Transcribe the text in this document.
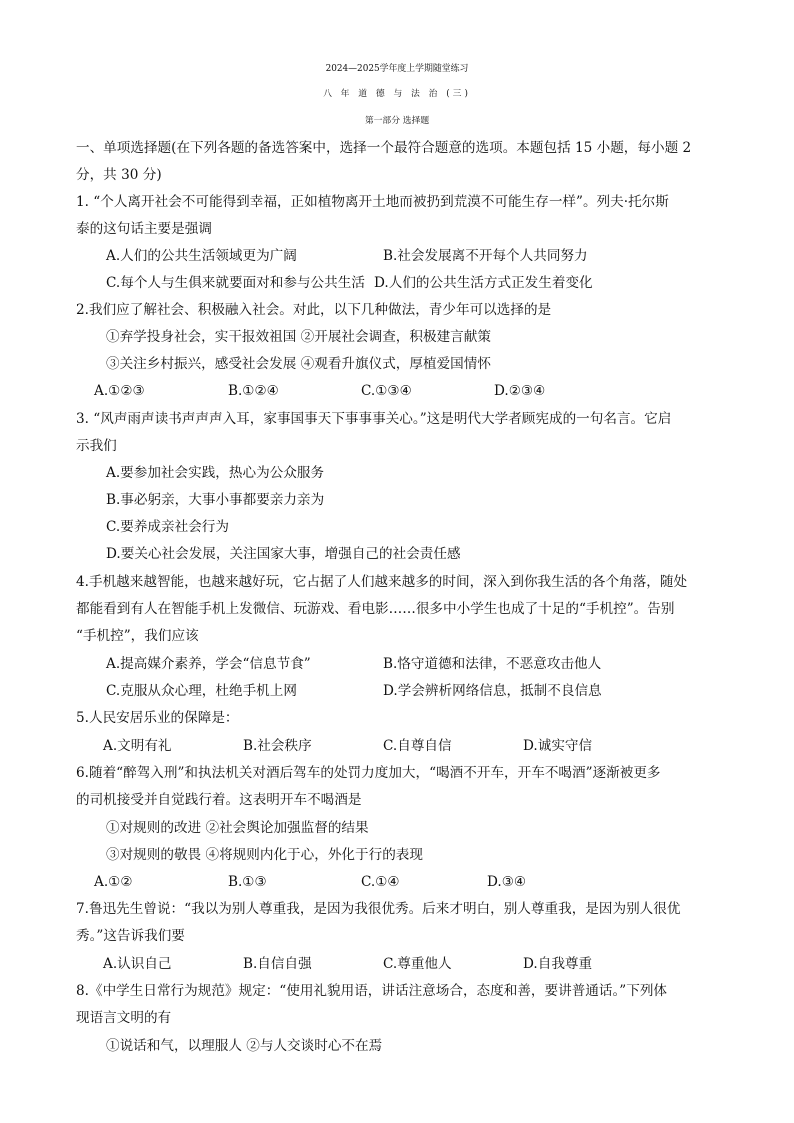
2024—2025学年度上学期随堂练习
八 年 道 德 与 法 治 (三)
第一部分 选择题
一、单项选择题(在下列各题的备选答案中，选择一个最符合题意的选项。本题包括 15 小题，每小题 2
分，共 30 分)
1. “个人离开社会不可能得到幸福，正如植物离开土地而被扔到荒漠不可能生存一样”。列夫·托尔斯
泰的这句话主要是强调
A.人们的公共生活领域更为广阔	B.社会发展离不开每个人共同努力
C.每个人与生俱来就要面对和参与公共生活 D.人们的公共生活方式正发生着变化
2.我们应了解社会、积极融入社会。对此，以下几种做法，青少年可以选择的是
①弃学投身社会，实干报效祖国 ②开展社会调查，积极建言献策
③关注乡村振兴，感受社会发展 ④观看升旗仪式，厚植爱国情怀
A.①②③	B.①②④	C.①③④	D.②③④
3. “风声雨声读书声声声入耳，家事国事天下事事事关心。”这是明代大学者顾宪成的一句名言。它启
示我们
A.要参加社会实践，热心为公众服务
B.事必躬亲，大事小事都要亲力亲为
C.要养成亲社会行为
D.要关心社会发展，关注国家大事，增强自己的社会责任感
4.手机越来越智能，也越来越好玩，它占据了人们越来越多的时间，深入到你我生活的各个角落，随处
都能看到有人在智能手机上发微信、玩游戏、看电影……很多中小学生也成了十足的“手机控”。告别
“手机控”，我们应该
A.提高媒介素养，学会“信息节食”	B.恪守道德和法律，不恶意攻击他人
C.克服从众心理，杜绝手机上网	D.学会辨析网络信息，抵制不良信息
5.人民安居乐业的保障是：
A.文明有礼	B.社会秩序	C.自尊自信	D.诚实守信
6.随着“醉驾入刑”和执法机关对酒后驾车的处罚力度加大，“喝酒不开车，开车不喝酒”逐渐被更多
的司机接受并自觉践行着。这表明开车不喝酒是
①对规则的改进 ②社会舆论加强监督的结果
③对规则的敬畏 ④将规则内化于心，外化于行的表现
A.①②	B.①③	C.①④	D.③④
7.鲁迅先生曾说：“我以为别人尊重我，是因为我很优秀。后来才明白，别人尊重我，是因为别人很优
秀。”这告诉我们要
A.认识自己	B.自信自强	C.尊重他人	D.自我尊重
8.《中学生日常行为规范》规定：“使用礼貌用语，讲话注意场合，态度和善，要讲普通话。”下列体
现语言文明的有
①说话和气，以理服人 ②与人交谈时心不在焉
